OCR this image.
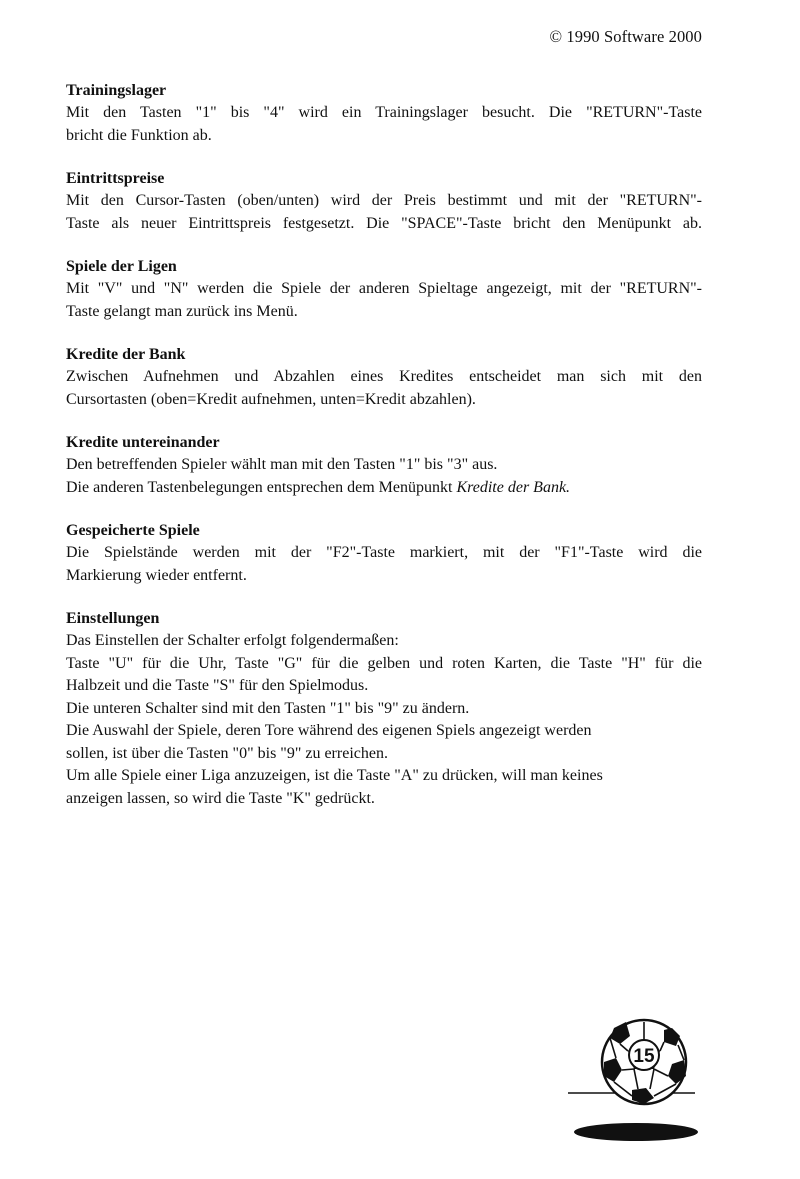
© 1990 Software 2000

Trainingslager

Mit den Tasten "1" bis "4" wird ein Trainingslager besucht. Die "RETURN"-Taste

bricht die Funktion ab.

Eintrittspreise

Mit den Cursor-Tasten (oben/unten) wird der Preis bestimmt und mit der "RETURN"-

Taste als neuer Eintrittspreis festgesetzt. Die "SPACE"-Taste bricht den Menüpunkt ab.

Spiele der Ligen

Mit "V" und "N" werden die Spiele der anderen Spieltage angezeigt, mit der "RETURN"-

Taste gelangt man zurück ins Menü.

Kredite der Bank

Zwischen Aufnehmen und Abzahlen eines Kredites entscheidet man sich mit den

Cursortasten (oben=Kredit aufnehmen, unten=Kredit abzahlen).

Kredite untereinander

Den betreffenden Spieler wählt man mit den Tasten "1" bis "3" aus.

Die anderen Tastenbelegungen entsprechen dem Menüpunkt Kredite der Bank.

Gespeicherte Spiele

Die Spielstände werden mit der "F2"-Taste markiert, mit der "F1"-Taste wird die

Markierung wieder entfernt.

Einstellungen

Das Einstellen der Schalter erfolgt folgendermaßen:

Taste "U" für die Uhr, Taste "G" für die gelben und roten Karten, die Taste "H" für die

Halbzeit und die Taste "S" für den Spielmodus.

Die unteren Schalter sind mit den Tasten "1" bis "9" zu ändern.

Die Auswahl der Spiele, deren Tore während des eigenen Spiels angezeigt werden

sollen, ist über die Tasten "0" bis "9" zu erreichen.

Um alle Spiele einer Liga anzuzeigen, ist die Taste "A" zu drücken, will man keines

anzeigen lassen, so wird die Taste "K" gedrückt.

15
